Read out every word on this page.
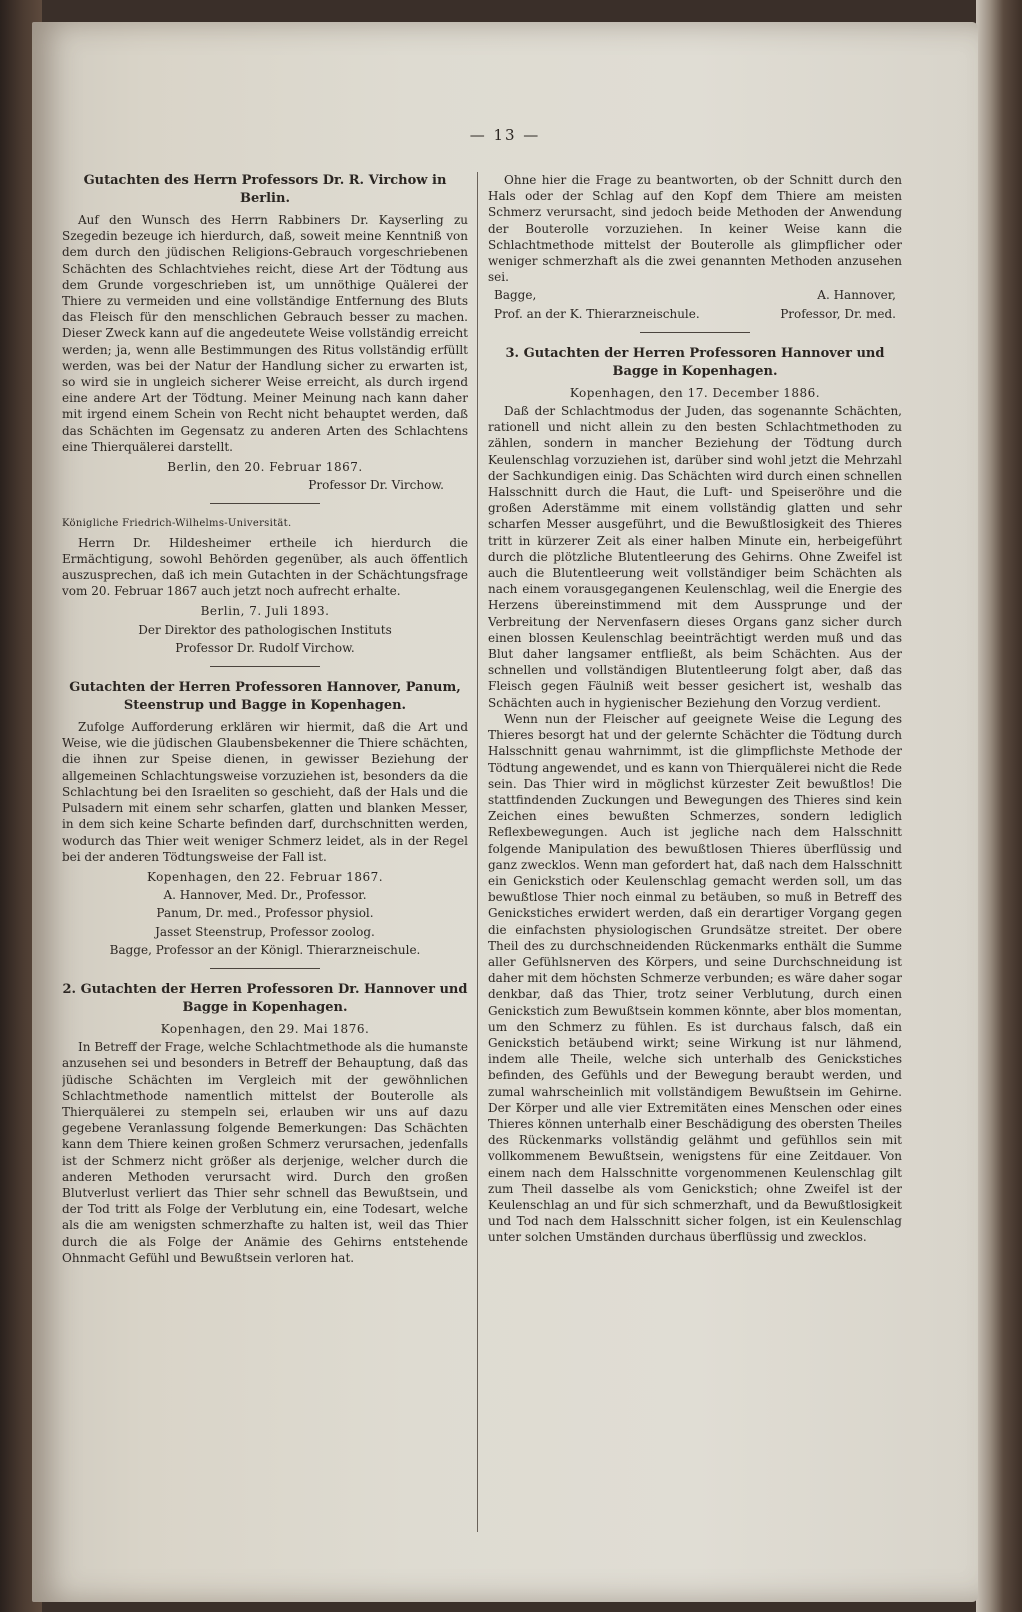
— 13 —
Gutachten des Herrn Professors Dr. R. Virchow in Berlin.

Auf den Wunsch des Herrn Rabbiners Dr. Kayserling zu Szegedin bezeuge ich hierdurch, daß, soweit meine Kenntniß von dem durch den jüdischen Religions-Gebrauch vorgeschriebenen Schächten des Schlachtviehes reicht, diese Art der Tödtung aus dem Grunde vorgeschrieben ist, um unnöthige Quälerei der Thiere zu vermeiden und eine vollständige Entfernung des Bluts das Fleisch für den menschlichen Gebrauch besser zu machen. Dieser Zweck kann auf die angedeutete Weise vollständig erreicht werden; ja, wenn alle Bestimmungen des Ritus vollständig erfüllt werden, was bei der Natur der Handlung sicher zu erwarten ist, so wird sie in ungleich sicherer Weise erreicht, als durch irgend eine andere Art der Tödtung. Meiner Meinung nach kann daher mit irgend einem Schein von Recht nicht behauptet werden, daß das Schächten im Gegensatz zu anderen Arten des Schlachtens eine Thierquälerei darstellt.

Berlin, den 20. Februar 1867.
Professor Dr. Virchow.
Königliche Friedrich-Wilhelms-Universität.

Herrn Dr. Hildesheimer ertheile ich hierdurch die Ermächtigung, sowohl Behörden gegenüber, als auch öffentlich auszusprechen, daß ich mein Gutachten in der Schächtungsfrage vom 20. Februar 1867 auch jetzt noch aufrecht erhalte.

Berlin, 7. Juli 1893.
Der Direktor des pathologischen Instituts
Professor Dr. Rudolf Virchow.
Gutachten der Herren Professoren Hannover, Panum, Steenstrup und Bagge in Kopenhagen.

Zufolge Aufforderung erklären wir hiermit, daß die Art und Weise, wie die jüdischen Glaubensbekenner die Thiere schächten, die ihnen zur Speise dienen, in gewisser Beziehung der allgemeinen Schlachtungsweise vorzuziehen ist, besonders da die Schlachtung bei den Israeliten so geschieht, daß der Hals und die Pulsadern mit einem sehr scharfen, glatten und blanken Messer, in dem sich keine Scharte befinden darf, durchschnitten werden, wodurch das Thier weit weniger Schmerz leidet, als in der Regel bei der anderen Tödtungsweise der Fall ist.

Kopenhagen, den 22. Februar 1867.
A. Hannover, Med. Dr., Professor.
Panum, Dr. med., Professor physiol.
Jasset Steenstrup, Professor zoolog.
Bagge, Professor an der Königl. Thierarzneischule.
2. Gutachten der Herren Professoren Dr. Hannover und Bagge in Kopenhagen.
Kopenhagen, den 29. Mai 1876.

In Betreff der Frage, welche Schlachtmethode als die humanste anzusehen sei und besonders in Betreff der Behauptung, daß das jüdische Schächten im Vergleich mit der gewöhnlichen Schlachtmethode namentlich mittelst der Bouterolle als Thierquälerei zu stempeln sei, erlauben wir uns auf dazu gegebene Veranlassung folgende Bemerkungen: Das Schächten kann dem Thiere keinen großen Schmerz verursachen, jedenfalls ist der Schmerz nicht größer als derjenige, welcher durch die anderen Methoden verursacht wird. Durch den großen Blutverlust verliert das Thier sehr schnell das Bewußtsein, und der Tod tritt als Folge der Verblutung ein, eine Todesart, welche als die am wenigsten schmerzhafte zu halten ist, weil das Thier durch die als Folge der Anämie des Gehirns entstehende Ohnmacht Gefühl und Bewußtsein verloren hat.

Ohne hier die Frage zu beantworten, ob der Schnitt durch den Hals oder der Schlag auf den Kopf dem Thiere am meisten Schmerz verursacht, sind jedoch beide Methoden der Anwendung der Bouterolle vorzuziehen. In keiner Weise kann die Schlachtmethode mittelst der Bouterolle als glimpflicher oder weniger schmerzhaft als die zwei genannten Methoden anzusehen sei.

Bagge,	A. Hannover,
Prof. an der K. Thierarzneischule.	Professor, Dr. med.
3. Gutachten der Herren Professoren Hannover und Bagge in Kopenhagen.
Kopenhagen, den 17. December 1886.

Daß der Schlachtmodus der Juden, das sogenannte Schächten, rationell und nicht allein zu den besten Schlachtmethoden zu zählen, sondern in mancher Beziehung der Tödtung durch Keulenschlag vorzuziehen ist, darüber sind wohl jetzt die Mehrzahl der Sachkundigen einig. Das Schächten wird durch einen schnellen Halsschnitt durch die Haut, die Luft- und Speiseröhre und die großen Aderstämme mit einem vollständig glatten und sehr scharfen Messer ausgeführt, und die Bewußtlosigkeit des Thieres tritt in kürzerer Zeit als einer halben Minute ein, herbeigeführt durch die plötzliche Blutentleerung des Gehirns. Ohne Zweifel ist auch die Blutentleerung weit vollständiger beim Schächten als nach einem vorausgegangenen Keulenschlag, weil die Energie des Herzens übereinstimmend mit dem Aussprunge und der Verbreitung der Nervenfasern dieses Organs ganz sicher durch einen blossen Keulenschlag beeinträchtigt werden muß und das Blut daher langsamer entfließt, als beim Schächten. Aus der schnellen und vollständigen Blutentleerung folgt aber, daß das Fleisch gegen Fäulniß weit besser gesichert ist, weshalb das Schächten auch in hygienischer Beziehung den Vorzug verdient.

Wenn nun der Fleischer auf geeignete Weise die Legung des Thieres besorgt hat und der gelernte Schächter die Tödtung durch Halsschnitt genau wahrnimmt, ist die glimpflichste Methode der Tödtung angewendet, und es kann von Thierquälerei nicht die Rede sein. Das Thier wird in möglichst kürzester Zeit bewußtlos! Die stattfindenden Zuckungen und Bewegungen des Thieres sind kein Zeichen eines bewußten Schmerzes, sondern lediglich Reflexbewegungen. Auch ist jegliche nach dem Halsschnitt folgende Manipulation des bewußtlosen Thieres überflüssig und ganz zwecklos. Wenn man gefordert hat, daß nach dem Halsschnitt ein Genickstich oder Keulenschlag gemacht werden soll, um das bewußtlose Thier noch einmal zu betäuben, so muß in Betreff des Genickstiches erwidert werden, daß ein derartiger Vorgang gegen die einfachsten physiologischen Grundsätze streitet. Der obere Theil des zu durchschneidenden Rückenmarks enthält die Summe aller Gefühlsnerven des Körpers, und seine Durchschneidung ist daher mit dem höchsten Schmerze verbunden; es wäre daher sogar denkbar, daß das Thier, trotz seiner Verblutung, durch einen Genickstich zum Bewußtsein kommen könnte, aber blos momentan, um den Schmerz zu fühlen. Es ist durchaus falsch, daß ein Genickstich betäubend wirkt; seine Wirkung ist nur lähmend, indem alle Theile, welche sich unterhalb des Genickstiches befinden, des Gefühls und der Bewegung beraubt werden, und zumal wahrscheinlich mit vollständigem Bewußtsein im Gehirne. Der Körper und alle vier Extremitäten eines Menschen oder eines Thieres können unterhalb einer Beschädigung des obersten Theiles des Rückenmarks vollständig gelähmt und gefühllos sein mit vollkommenem Bewußtsein, wenigstens für eine Zeitdauer. Von einem nach dem Halsschnitte vorgenommenen Keulenschlag gilt zum Theil dasselbe als vom Genickstich; ohne Zweifel ist der Keulenschlag an und für sich schmerzhaft, und da Bewußtlosigkeit und Tod nach dem Halsschnitt sicher folgen, ist ein Keulenschlag unter solchen Umständen durchaus überflüssig und zwecklos.
